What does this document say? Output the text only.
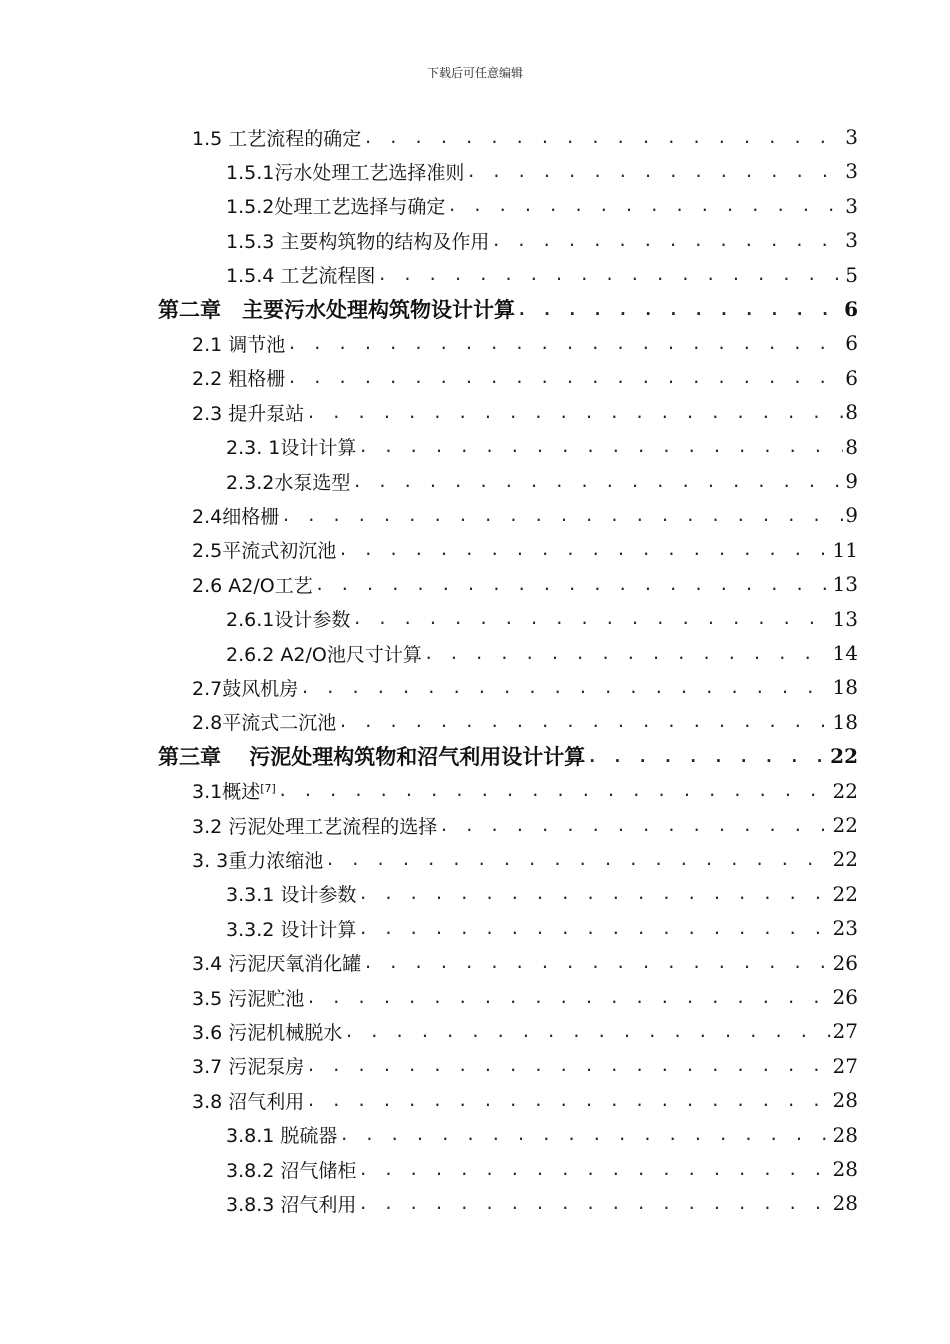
下载后可任意编辑
1.5 工艺流程的确定 . . .	3
1.5.1污水处理工艺选择准则 . . .	3
1.5.2处理工艺选择与确定 . . .	3
1.5.3 主要构筑物的结构及作用 . . .	3
1.5.4 工艺流程图 . . .	5
第二章　主要污水处理构筑物设计计算 . . .	6
2.1 调节池 . . .	6
2.2 粗格栅 . . .	6
2.3 提升泵站 . . .	8
2.3. 1设计计算 . . .	8
2.3.2水泵选型 . . .	9
2.4细格栅 . . .	9
2.5平流式初沉池 . . .	11
2.6 A2/O工艺 . . .	13
2.6.1设计参数 . . .	13
2.6.2 A2/O池尺寸计算 . . .	14
2.7鼓风机房 . . .	18
2.8平流式二沉池 . . .	18
第三章　 污泥处理构筑物和沼气利用设计计算 . . .	22
3.1概述[7] . . .	22
3.2 污泥处理工艺流程的选择 . . .	22
3. 3重力浓缩池 . . .	22
3.3.1 设计参数 . . .	22
3.3.2 设计计算 . . .	23
3.4 污泥厌氧消化罐 . . .	26
3.5 污泥贮池 . . .	26
3.6 污泥机械脱水 . . .	27
3.7 污泥泵房 . . .	27
3.8 沼气利用 . . .	28
3.8.1 脱硫器 . . .	28
3.8.2 沼气储柜 . . .	28
3.8.3 沼气利用 . . .	28
